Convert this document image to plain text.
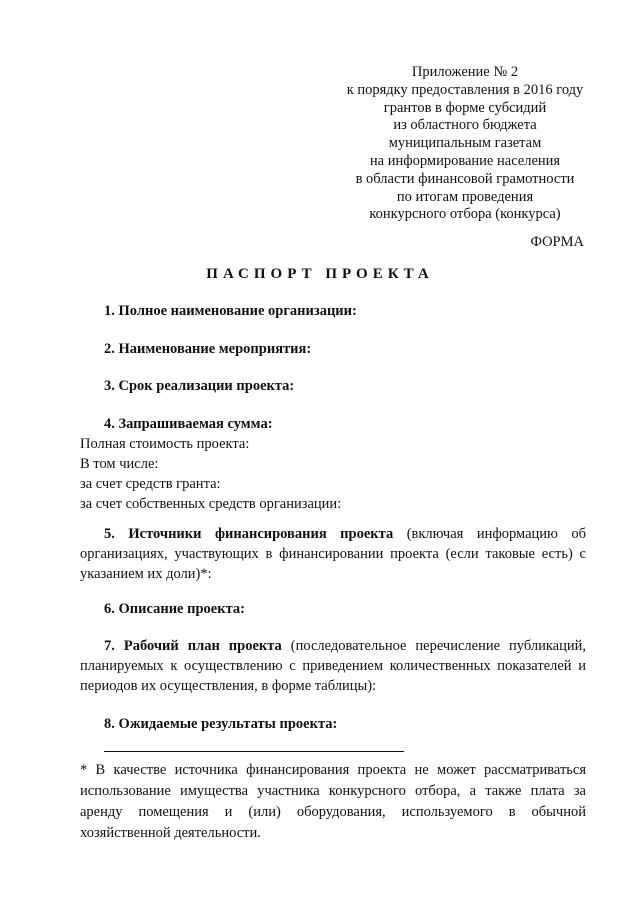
Приложение № 2
к порядку предоставления в 2016 году
грантов в форме субсидий
из областного бюджета
муниципальным газетам
на информирование населения
в области финансовой грамотности
по итогам проведения
конкурсного отбора (конкурса)
ФОРМА
ПАСПОРТ ПРОЕКТА
1. Полное наименование организации:
2. Наименование мероприятия:
3. Срок реализации проекта:
4. Запрашиваемая сумма:
Полная стоимость проекта:
В том числе:
за счет средств гранта:
за счет собственных средств организации:
5. Источники финансирования проекта (включая информацию об организациях, участвующих в финансировании проекта (если таковые есть) с указанием их доли)*:
6. Описание проекта:
7. Рабочий план проекта (последовательное перечисление публикаций, планируемых к осуществлению с приведением количественных показателей и периодов их осуществления, в форме таблицы):
8. Ожидаемые результаты проекта:
* В качестве источника финансирования проекта не может рассматриваться использование имущества участника конкурсного отбора, а также плата за аренду помещения и (или) оборудования, используемого в обычной хозяйственной деятельности.
